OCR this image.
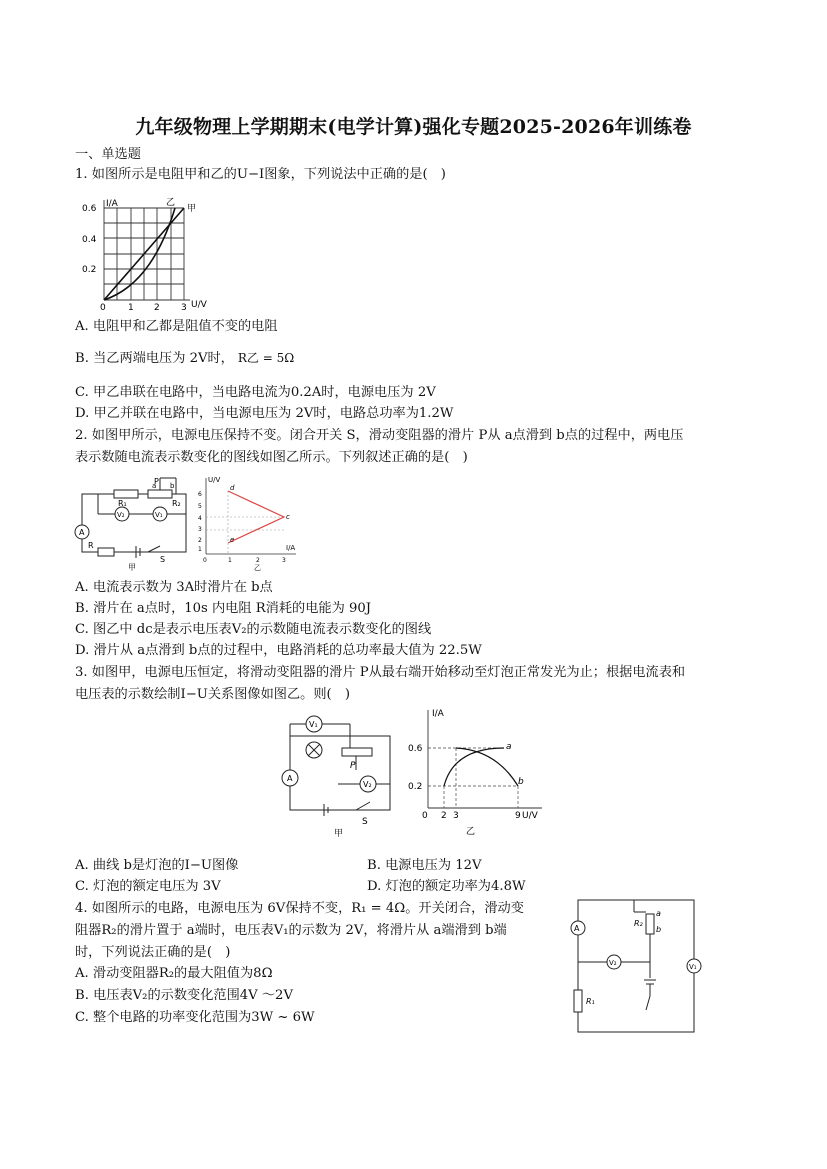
九年级物理上学期期末(电学计算)强化专题2025-2026年训练卷
一、单选题
1. 如图所示是电阻甲和乙的U−I图象，下列说法中正确的是(　)
I/A
0.6
0.4
0.2
0 1 2 3 U/V
乙
甲
A. 电阻甲和乙都是阻值不变的电阻
B. 当乙两端电压为 2V时， R乙 = 5Ω
C. 甲乙串联在电路中，当电路电流为0.2A时，电源电压为 2V
D. 甲乙并联在电路中，当电源电压为 2V时，电路总功率为1.2W
2. 如图甲所示，电源电压保持不变。闭合开关 S，滑动变阻器的滑片 P从 a点滑到 b点的过程中，两电压
表示数随电流表示数变化的图线如图乙所示。下列叙述正确的是(　)
P
a b
R₁	R₂
V₂	V₁
A
R
S
甲
U/V
6
5
4
3
2
1
0	1	2	3
I/A
d
e
c
乙
A. 电流表示数为 3A时滑片在 b点
B. 滑片在 a点时，10s 内电阻 R消耗的电能为 90J
C. 图乙中 dc是表示电压表V₂的示数随电流表示数变化的图线
D. 滑片从 a点滑到 b点的过程中，电路消耗的总功率最大值为 22.5W
3. 如图甲，电源电压恒定，将滑动变阻器的滑片 P从最右端开始移动至灯泡正常发光为止；根据电流表和
电压表的示数绘制I−U关系图像如图乙。则(　)
V₁
A
P
V₂
S
甲
I/A
0.6
0.2
0 2 3	9 U/V
a
b
乙
A. 曲线 b是灯泡的I−U图像	B. 电源电压为 12V
C. 灯泡的额定电压为 3V	D. 灯泡的额定功率为4.8W
4. 如图所示的电路，电源电压为 6V保持不变，R₁ = 4Ω。开关闭合，滑动变
阻器R₂的滑片置于 a端时，电压表V₁的示数为 2V，将滑片从 a端滑到 b端
时，下列说法正确的是(　)
A. 滑动变阻器R₂的最大阻值为8Ω
B. 电压表V₂的示数变化范围4V ～2V
C. 整个电路的功率变化范围为3W ~ 6W
A
V₂	V₁
R₂
R₁
a
b
